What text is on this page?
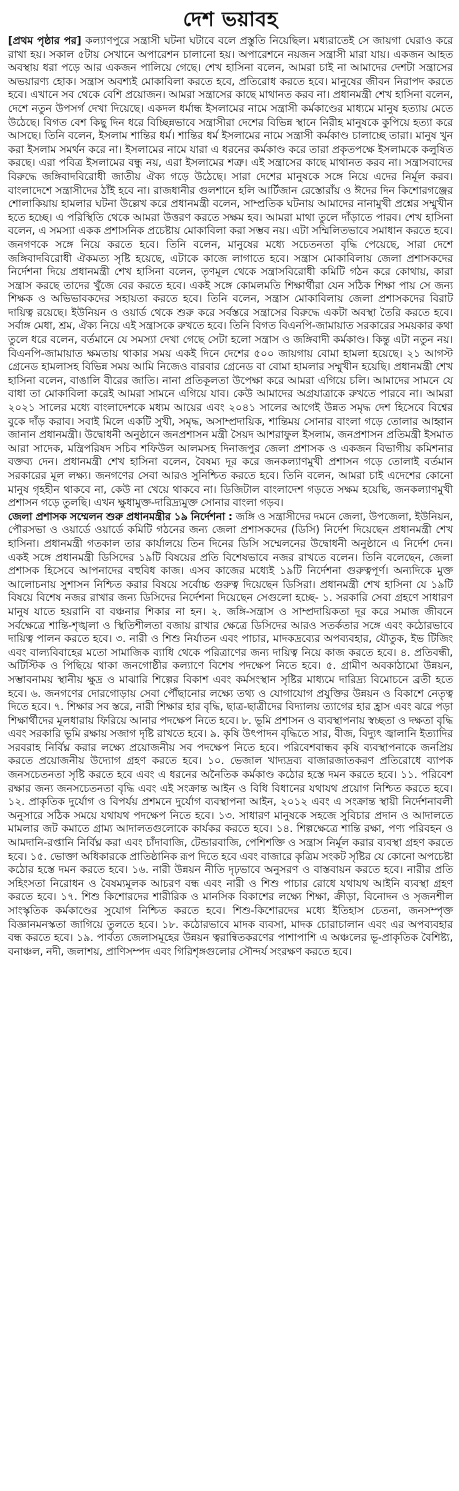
দেশ ভয়াবহ

[প্রথম পৃষ্ঠার পর] কল্যাণপুরে সন্ত্রাসী ঘটনা ঘটাবে বলে প্রস্তুতি নিয়েছিল। মধ্যরাতেই সে জায়গা ঘেরাও করে রাখা হয়। সকাল ৫টায় সেখানে অপারেশন চালানো হয়। অপারেশনে নয়জন সন্ত্রাসী মারা যায়। একজন আহত অবস্থায় ধরা পড়ে আর একজন পালিয়ে গেছে। শেখ হাসিনা বলেন, আমরা চাই না আমাদের দেশটা সন্ত্রাসের অভয়ারণ্য হোক। সন্ত্রাস অবশ্যই মোকাবিলা করতে হবে, প্রতিরোধ করতে হবে। মানুষের জীবন নিরাপদ করতে হবে। এখানে সব থেকে বেশি প্রয়োজন। আমরা সন্ত্রাসের কাছে মাথানত করব না। প্রধানমন্ত্রী শেখ হাসিনা বলেন, দেশে নতুন উপসর্গ দেখা দিয়েছে। একদল ধর্মান্ধ ইসলামের নামে সন্ত্রাসী কর্মকাণ্ডের মাধ্যমে মানুষ হত্যায় মেতে উঠেছে। বিগত বেশ কিছু দিন ধরে বিচ্ছিন্নভাবে সন্ত্রাসীরা দেশের বিভিন্ন স্থানে নিরীহ মানুষকে কুপিয়ে হত্যা করে আসছে। তিনি বলেন, ইসলাম শান্তির ধর্ম। শান্তির ধর্ম ইসলামের নামে সন্ত্রাসী কর্মকাণ্ড চালাচ্ছে তারা। মানুষ খুন করা ইসলাম সমর্থন করে না। ইসলামের নামে যারা এ ধরনের কর্মকাণ্ড করে তারা প্রকৃতপক্ষে ইসলামকে কলুষিত করছে। এরা পবিত্র ইসলামের বন্ধু নয়, এরা ইসলামের শত্রু। এই সন্ত্রাসের কাছে মাথানত করব না। সন্ত্রাসবাদের বিরুদ্ধে জঙ্গিবাদবিরোধী জাতীয় ঐক্য গড়ে উঠেছে। সারা দেশের মানুষকে সঙ্গে নিয়ে এদের নির্মূল করব। বাংলাদেশে সন্ত্রাসীদের ঠাঁই হবে না। রাজধানীর গুলশানে হলি আর্টিজান রেস্তোরাঁয় ও ঈদের দিন কিশোরগঞ্জের শোলাকিয়ায় হামলার ঘটনা উল্লেখ করে প্রধানমন্ত্রী বলেন, সাম্প্রতিক ঘটনায় আমাদের নানামুখী প্রশ্নের সম্মুখীন হতে হচ্ছে। এ পরিস্থিতি থেকে আমরা উত্তরণ করতে সক্ষম হব। আমরা মাথা তুলে দাঁড়াতে পারব। শেখ হাসিনা বলেন, এ সমস্যা একক প্রশাসনিক প্রচেষ্টায় মোকাবিলা করা সম্ভব নয়। এটা সম্মিলিতভাবে সমাধান করতে হবে। জনগণকে সঙ্গে নিয়ে করতে হবে। তিনি বলেন, মানুষের মধ্যে সচেতনতা বৃদ্ধি পেয়েছে, সারা দেশে জঙ্গিবাদবিরোধী ঐকমত্য সৃষ্টি হয়েছে, এটাকে কাজে লাগাতে হবে। সন্ত্রাস মোকাবিলায় জেলা প্রশাসকদের নির্দেশনা দিয়ে প্রধানমন্ত্রী শেখ হাসিনা বলেন, তৃণমূল থেকে সন্ত্রাসবিরোধী কমিটি গঠন করে কোথায়, কারা সন্ত্রাস করছে তাদের খুঁজে বের করতে হবে। একই সঙ্গে কোমলমতি শিক্ষার্থীরা যেন সঠিক শিক্ষা পায় সে জন্য শিক্ষক ও অভিভাবকদের সহায়তা করতে হবে। তিনি বলেন, সন্ত্রাস মোকাবিলায় জেলা প্রশাসকদের বিরাট দায়িত্ব রয়েছে। ইউনিয়ন ও ওয়ার্ড থেকে শুরু করে সর্বস্তরে সন্ত্রাসের বিরুদ্ধে একটা অবস্থা তৈরি করতে হবে। সর্বাঙ্গ মেধা, শ্রম, ঐক্য নিয়ে এই সন্ত্রাসকে রুখতে হবে। তিনি বিগত বিএনপি-জামায়াত সরকারের সময়কার কথা তুলে ধরে বলেন, বর্তমানে যে সমস্যা দেখা গেছে সেটা হলো সন্ত্রাস ও জঙ্গিবাদী কর্মকাণ্ড। কিন্তু এটা নতুন নয়। বিএনপি-জামায়াত ক্ষমতায় থাকার সময় একই দিনে দেশের ৫০০ জায়গায় বোমা হামলা হয়েছে। ২১ আগস্ট গ্রেনেড হামলাসহ বিভিন্ন সময় আমি নিজেও বারবার গ্রেনেড বা বোমা হামলার সম্মুখীন হয়েছি। প্রধানমন্ত্রী শেখ হাসিনা বলেন, বাঙালি বীরের জাতি। নানা প্রতিকূলতা উপেক্ষা করে আমরা এগিয়ে চলি। আমাদের সামনে যে বাধা তা মোকাবিলা করেই আমরা সামনে এগিয়ে যাব। কেউ আমাদের অগ্রযাত্রাকে রুখতে পারবে না। আমরা ২০২১ সালের মধ্যে বাংলাদেশকে মধ্যম আয়ের এবং ২০৪১ সালের আগেই উন্নত সমৃদ্ধ দেশ হিসেবে বিশ্বের বুকে দাঁড় করাব। সবাই মিলে একটি সুখী, সমৃদ্ধ, অসাম্প্রদায়িক, শান্তিময় সোনার বাংলা গড়ে তোলার আহ্বান জানান প্রধানমন্ত্রী। উদ্বোধনী অনুষ্ঠানে জনপ্রশাসন মন্ত্রী সৈয়দ আশরাফুল ইসলাম, জনপ্রশাসন প্রতিমন্ত্রী ইসমাত আরা সাদেক, মন্ত্রিপরিষদ সচিব শফিউল আলমসহ দিনাজপুর জেলা প্রশাসক ও একজন বিভাগীয় কমিশনার বক্তব্য দেন। প্রধানমন্ত্রী শেখ হাসিনা বলেন, বৈষম্য দূর করে জনকল্যাণমুখী প্রশাসন গড়ে তোলাই বর্তমান সরকারের মূল লক্ষ্য। জনগণের সেবা আরও সুনিশ্চিত করতে হবে। তিনি বলেন, আমরা চাই এদেশের কোনো মানুষ গৃহহীন থাকবে না, কেউ না খেয়ে থাকবে না। ডিজিটাল বাংলাদেশ গড়তে সক্ষম হয়েছি, জনকল্যাণমুখী প্রশাসন গড়ে তুলছি। এখন ক্ষুধামুক্ত-দারিদ্র্যমুক্ত সোনার বাংলা গড়ব।

জেলা প্রশাসক সম্মেলন শুরু প্রধানমন্ত্রীর ১৯ নির্দেশনা : জঙ্গি ও সন্ত্রাসীদের দমনে জেলা, উপজেলা, ইউনিয়ন, পৌরসভা ও ওয়ার্ডে ওয়ার্ডে কমিটি গঠনের জন্য জেলা প্রশাসকদের (ডিসি) নির্দেশ দিয়েছেন প্রধানমন্ত্রী শেখ হাসিনা। প্রধানমন্ত্রী গতকাল তার কার্যালয়ে তিন দিনের ডিসি সম্মেলনের উদ্বোধনী অনুষ্ঠানে এ নির্দেশ দেন। একই সঙ্গে প্রধানমন্ত্রী ডিসিদের ১৯টি বিষয়ের প্রতি বিশেষভাবে নজর রাখতে বলেন। তিনি বলেছেন, জেলা প্রশাসক হিসেবে আপনাদের বহুবিধ কাজ। এসব কাজের মধ্যেই ১৯টি নির্দেশনা গুরুত্বপূর্ণ। অন্যদিকে মুক্ত আলোচনায় সুশাসন নিশ্চিত করার বিষয়ে সর্বোচ্চ গুরুত্ব দিয়েছেন ডিসিরা। প্রধানমন্ত্রী শেখ হাসিনা যে ১৯টি বিষয়ে বিশেষ নজর রাখার জন্য ডিসিদের নির্দেশনা দিয়েছেন সেগুলো হচ্ছে- ১. সরকারি সেবা গ্রহণে সাধারণ মানুষ যাতে হয়রানি বা বঞ্চনার শিকার না হন। ২. জঙ্গি-সন্ত্রাস ও সাম্প্রদায়িকতা দূর করে সমাজ জীবনে সর্বক্ষেত্রে শান্তি-শৃঙ্খলা ও স্থিতিশীলতা বজায় রাখার ক্ষেত্রে ডিসিদের আরও সতর্কতার সঙ্গে এবং কঠোরভাবে দায়িত্ব পালন করতে হবে। ৩. নারী ও শিশু নির্যাতন এবং পাচার, মাদকদ্রব্যের অপব্যবহার, যৌতুক, ইভ টিজিং এবং বাল্যবিবাহের মতো সামাজিক ব্যাধি থেকে পরিত্রাণের জন্য দায়িত্ব নিয়ে কাজ করতে হবে। ৪. প্রতিবন্ধী, অটিস্টিক ও পিছিয়ে থাকা জনগোষ্ঠীর কল্যাণে বিশেষ পদক্ষেপ নিতে হবে। ৫. গ্রামীণ অবকাঠামো উন্নয়ন, সম্ভাবনাময় স্থানীয় ক্ষুদ্র ও মাঝারি শিল্পের বিকাশ এবং কর্মসংস্থান সৃষ্টির মাধ্যমে দারিদ্র্য বিমোচনে ব্রতী হতে হবে। ৬. জনগণের দোরগোড়ায় সেবা পৌঁছানোর লক্ষ্যে তথ্য ও যোগাযোগ প্রযুক্তির উন্নয়ন ও বিকাশে নেতৃত্ব দিতে হবে। ৭. শিক্ষার সব স্তরে, নারী শিক্ষার হার বৃদ্ধি, ছাত্র-ছাত্রীদের বিদ্যালয় ত্যাগের হার হ্রাস এবং ঝরে পড়া শিক্ষার্থীদের মূলধারায় ফিরিয়ে আনার পদক্ষেপ নিতে হবে। ৮. ভূমি প্রশাসন ও ব্যবস্থাপনায় স্বচ্ছতা ও দক্ষতা বৃদ্ধি এবং সরকারি ভূমি রক্ষায় সজাগ দৃষ্টি রাখতে হবে। ৯. কৃষি উৎপাদন বৃদ্ধিতে সার, বীজ, বিদ্যুৎ জ্বালানি ইত্যাদির সরবরাহ নির্বিঘ্ন করার লক্ষ্যে প্রয়োজনীয় সব পদক্ষেপ নিতে হবে। পরিবেশবান্ধব কৃষি ব্যবস্থাপনাকে জনপ্রিয় করতে প্রয়োজনীয় উদ্যোগ গ্রহণ করতে হবে। ১০. ভেজাল খাদ্যদ্রব্য বাজারজাতকরণ প্রতিরোধে ব্যাপক জনসচেতনতা সৃষ্টি করতে হবে এবং এ ধরনের অনৈতিক কর্মকাণ্ড কঠোর হস্তে দমন করতে হবে। ১১. পরিবেশ রক্ষার জন্য জনসচেতনতা বৃদ্ধি এবং এই সংক্রান্ত আইন ও বিধি বিধানের যথাযথ প্রয়োগ নিশ্চিত করতে হবে। ১২. প্রাকৃতিক দুর্যোগ ও বিপর্যয় প্রশমনে দুর্যোগ ব্যবস্থাপনা আইন, ২০১২ এবং এ সংক্রান্ত স্থায়ী নির্দেশনাবলী অনুসারে সঠিক সময়ে যথাযথ পদক্ষেপ নিতে হবে। ১৩. সাধারণ মানুষকে সহজে সুবিচার প্রদান ও আদালতে মামলার জট কমাতে গ্রাম্য আদালতগুলোকে কার্যকর করতে হবে। ১৪. শিল্পক্ষেত্রে শান্তি রক্ষা, পণ্য পরিবহন ও আমদানি-রপ্তানি নির্বিঘ্ন করা এবং চাঁদাবাজি, টেন্ডারবাজি, পেশিশক্তি ও সন্ত্রাস নির্মূল করার ব্যবস্থা গ্রহণ করতে হবে। ১৫. ভোক্তা অধিকারকে প্রাতিষ্ঠানিক রূপ দিতে হবে এবং বাজারে কৃত্রিম সংকট সৃষ্টির যে কোনো অপচেষ্টা কঠোর হস্তে দমন করতে হবে। ১৬. নারী উন্নয়ন নীতি দৃঢ়ভাবে অনুসরণ ও বাস্তবায়ন করতে হবে। নারীর প্রতি সহিংসতা নিরোধন ও বৈষম্যমূলক আচরণ বন্ধ এবং নারী ও শিশু পাচার রোধে যথাযথ আইনি ব্যবস্থা গ্রহণ করতে হবে। ১৭. শিশু কিশোরদের শারীরিক ও মানসিক বিকাশের লক্ষ্যে শিক্ষা, ক্রীড়া, বিনোদন ও সৃজনশীল সাংস্কৃতিক কর্মকাণ্ডের সুযোগ নিশ্চিত করতে হবে। শিশু-কিশোরদের মধ্যে ইতিহাস চেতনা, জনসম্পৃক্ত বিজ্ঞানমনস্কতা জাগিয়ে তুলতে হবে। ১৮. কঠোরভাবে মাদক ব্যবসা, মাদক চোরাচালান এবং এর অপব্যবহার বন্ধ করতে হবে। ১৯. পার্বত্য জেলাসমূহের উন্নয়ন ত্বরান্বিতকরণের পাশাপাশি এ অঞ্চলের ভূ-প্রাকৃতিক বৈশিষ্ট্য, বনাঞ্চল, নদী, জলাশয়, প্রাণিসম্পদ এবং গিরিশৃঙ্গগুলোর সৌন্দর্য সংরক্ষণ করতে হবে।
